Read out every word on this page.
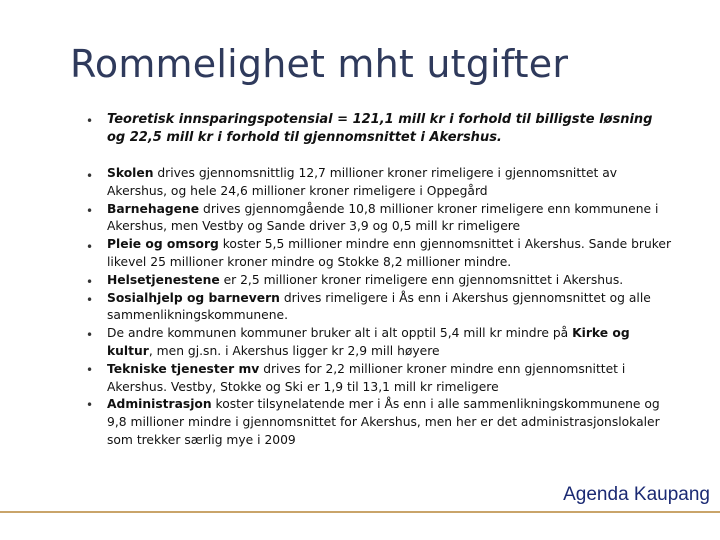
Rommelighet mht utgifter
• Teoretisk innsparingspotensial = 121,1 mill kr i forhold til billigste løsning og 22,5 mill kr i forhold til gjennomsnittet i Akershus.
•
•
•
•
•
•
•
•

Skolen drives gjennomsnittlig 12,7 millioner kroner rimeligere i gjennomsnittet av Akershus, og hele 24,6 millioner kroner rimeligere i Oppegård

Barnehagene drives gjennomgående 10,8 millioner kroner rimeligere enn kommunene i Akershus, men Vestby og Sande driver 3,9 og 0,5 mill kr rimeligere

Pleie og omsorg koster 5,5 millioner mindre enn gjennomsnittet i Akershus. Sande bruker likevel 25 millioner kroner mindre og Stokke 8,2 millioner mindre.

Helsetjenestene er 2,5 millioner kroner rimeligere enn gjennomsnittet i Akershus.

Sosialhjelp og barnevern drives rimeligere i Ås enn i Akershus gjennomsnittet og alle sammenlikningskommunene.

De andre kommunen kommuner bruker alt i alt opptil 5,4 mill kr mindre på Kirke og kultur, men gj.sn. i Akershus ligger kr 2,9 mill høyere

Tekniske tjenester mv drives for 2,2 millioner kroner mindre enn gjennomsnittet i Akershus. Vestby, Stokke og Ski er 1,9 til 13,1 mill kr rimeligere

Administrasjon koster tilsynelatende mer i Ås enn i alle sammenlikningskommunene og 9,8 millioner mindre i gjennomsnittet for Akershus, men her er det administrasjonslokaler som trekker særlig mye i 2009

Agenda Kaupang
